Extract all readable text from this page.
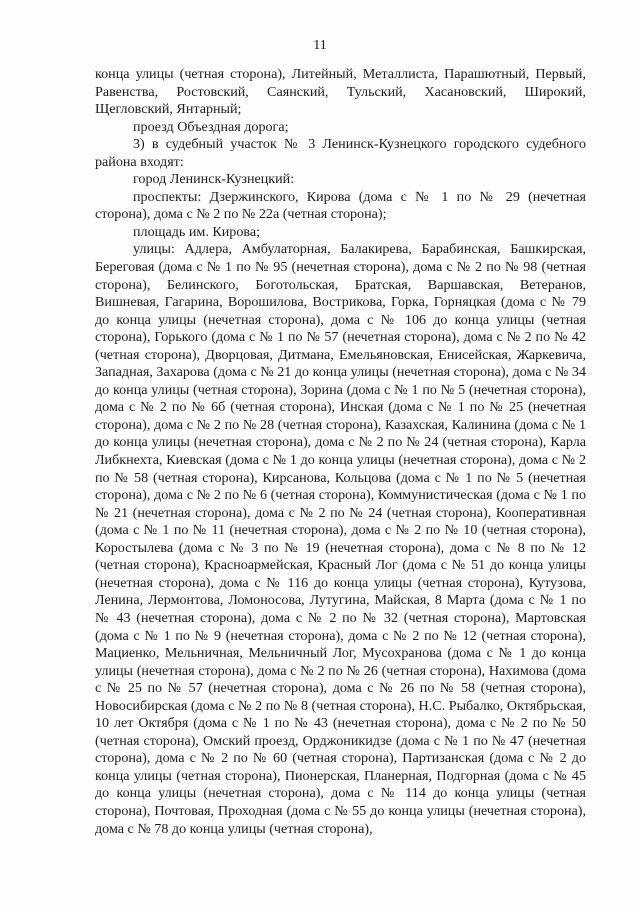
11

конца улицы (четная сторона), Литейный, Металлиста, Парашютный, Первый, Равенства, Ростовский, Саянский, Тульский, Хасановский, Широкий, Щегловский, Янтарный;

проезд Объездная дорога;

3) в судебный участок № 3 Ленинск-Кузнецкого городского судебного района входят:

город Ленинск-Кузнецкий:

проспекты: Дзержинского, Кирова (дома с № 1 по № 29 (нечетная сторона), дома с № 2 по № 22а (четная сторона);

площадь им. Кирова;

улицы: Адлера, Амбулаторная, Балакирева, Барабинская, Башкирская, Береговая (дома с № 1 по № 95 (нечетная сторона), дома с № 2 по № 98 (четная сторона), Белинского, Боготольская, Братская, Варшавская, Ветеранов, Вишневая, Гагарина, Ворошилова, Вострикова, Горка, Горняцкая (дома с № 79 до конца улицы (нечетная сторона), дома с № 106 до конца улицы (четная сторона), Горького (дома с № 1 по № 57 (нечетная сторона), дома с № 2 по № 42 (четная сторона), Дворцовая, Дитмана, Емельяновская, Енисейская, Жаркевича, Западная, Захарова (дома с № 21 до конца улицы (нечетная сторона), дома с № 34 до конца улицы (четная сторона), Зорина (дома с № 1 по № 5 (нечетная сторона), дома с № 2 по № 6б (четная сторона), Инская (дома с № 1 по № 25 (нечетная сторона), дома с № 2 по № 28 (четная сторона), Казахская, Калинина (дома с № 1 до конца улицы (нечетная сторона), дома с № 2 по № 24 (четная сторона), Карла Либкнехта, Киевская (дома с № 1 до конца улицы (нечетная сторона), дома с № 2 по № 58 (четная сторона), Кирсанова, Кольцова (дома с № 1 по № 5 (нечетная сторона), дома с № 2 по № 6 (четная сторона), Коммунистическая (дома с № 1 по № 21 (нечетная сторона), дома с № 2 по № 24 (четная сторона), Кооперативная (дома с № 1 по № 11 (нечетная сторона), дома с № 2 по № 10 (четная сторона), Коростылева (дома с № 3 по № 19 (нечетная сторона), дома с № 8 по № 12 (четная сторона), Красноармейская, Красный Лог (дома с № 51 до конца улицы (нечетная сторона), дома с № 116 до конца улицы (четная сторона), Кутузова, Ленина, Лермонтова, Ломоносова, Лутугина, Майская, 8 Марта (дома с № 1 по № 43 (нечетная сторона), дома с № 2 по № 32 (четная сторона), Мартовская (дома с № 1 по № 9 (нечетная сторона), дома с № 2 по № 12 (четная сторона), Мациенко, Мельничная, Мельничный Лог, Мусохранова (дома с № 1 до конца улицы (нечетная сторона), дома с № 2 по № 26 (четная сторона), Нахимова (дома с № 25 по № 57 (нечетная сторона), дома с № 26 по № 58 (четная сторона), Новосибирская (дома с № 2 по № 8 (четная сторона), Н.С. Рыбалко, Октябрьская, 10 лет Октября (дома с № 1 по № 43 (нечетная сторона), дома с № 2 по № 50 (четная сторона), Омский проезд, Орджоникидзе (дома с № 1 по № 47 (нечетная сторона), дома с № 2 по № 60 (четная сторона), Партизанская (дома с № 2 до конца улицы (четная сторона), Пионерская, Планерная, Подгорная (дома с № 45 до конца улицы (нечетная сторона), дома с № 114 до конца улицы (четная сторона), Почтовая, Проходная (дома с № 55 до конца улицы (нечетная сторона), дома с № 78 до конца улицы (четная сторона),
